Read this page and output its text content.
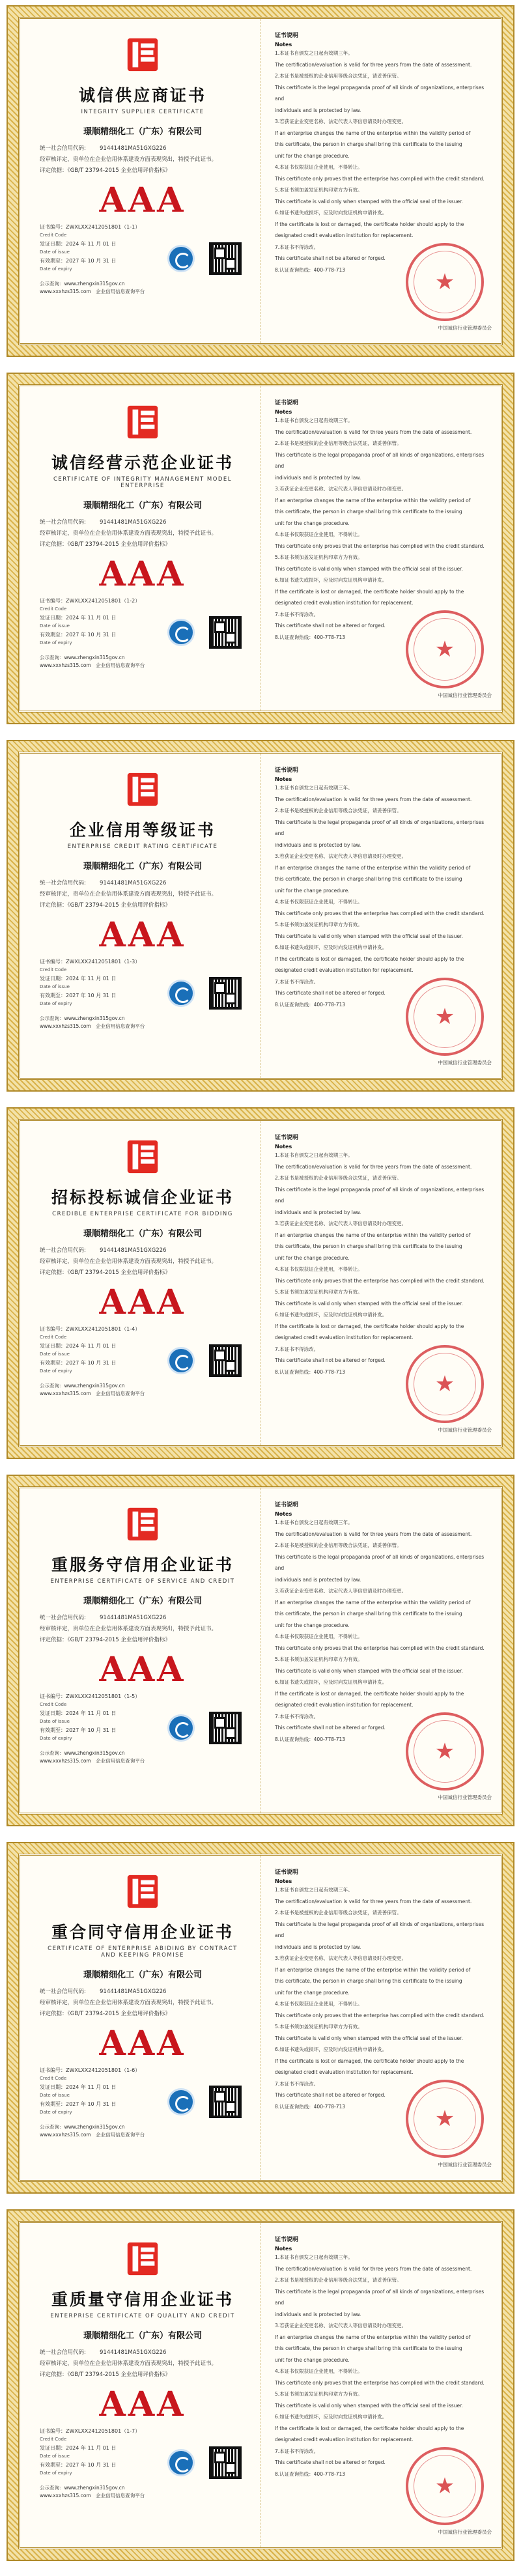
诚信供应商证书
INTEGRITY SUPPLIER CERTIFICATE
璟顺精细化工（广东）有限公司
统一社会信用代码:	91441481MA51GXG226
经审核评定，贵单位在企业信用体系建设方面表现突出，特授予此证书。
评定依据：《GB/T 23794-2015 企业信用评价指标》
AAA
证书编号：ZWXLXX2412051801（1-1）
Credit Code
发证日期：2024 年 11 月 01 日
Date of issue
有效期至：2027 年 10 月 31 日
Date of expiry
公示查询：www.zhengxin315gov.cn
www.xxxhzs315.com　 企业信用信息查询平台
证书说明
Notes
1.本证书自颁发之日起有效期三年。
The certification/evaluation is valid for three years from the date of assessment.
2.本证书是被授权的企业信用等级合法凭证，请妥善保管。
This certificate is the legal propaganda proof of all kinds of organizations, enterprises and
individuals and is protected by law.
3.若获证企业变更名称、法定代表人等信息请及时办理变更。
If an enterprise changes the name of the enterprise within the validity period of
this certificate, the person in charge shall bring this certificate to the issuing
unit for the change procedure.
4.本证书仅限获证企业使用，不得转让。
This certificate only proves that the enterprise has complied with the credit standard.
5.本证书须加盖发证机构印章方为有效。
This certificate is valid only when stamped with the official seal of the issuer.
6.如证书遗失或损坏，应及时向发证机构申请补发。
If the certificate is lost or damaged, the certificate holder should apply to the
designated credit evaluation institution for replacement.
7.本证书不得涂改。
This certificate shall not be altered or forged.
8.认证查询热线：400-778-713	★
中国诚信行业管理委员会
诚信经营示范企业证书
CERTIFICATE OF INTEGRITY MANAGEMENT MODEL ENTERPRISE
璟顺精细化工（广东）有限公司
统一社会信用代码:	91441481MA51GXG226
经审核评定，贵单位在企业信用体系建设方面表现突出，特授予此证书。
评定依据：《GB/T 23794-2015 企业信用评价指标》
AAA
证书编号：ZWXLXX2412051801（1-2）
Credit Code
发证日期：2024 年 11 月 01 日
Date of issue
有效期至：2027 年 10 月 31 日
Date of expiry
公示查询：www.zhengxin315gov.cn
www.xxxhzs315.com　 企业信用信息查询平台
证书说明
Notes
1.本证书自颁发之日起有效期三年。
The certification/evaluation is valid for three years from the date of assessment.
2.本证书是被授权的企业信用等级合法凭证，请妥善保管。
This certificate is the legal propaganda proof of all kinds of organizations, enterprises and
individuals and is protected by law.
3.若获证企业变更名称、法定代表人等信息请及时办理变更。
If an enterprise changes the name of the enterprise within the validity period of
this certificate, the person in charge shall bring this certificate to the issuing
unit for the change procedure.
4.本证书仅限获证企业使用，不得转让。
This certificate only proves that the enterprise has complied with the credit standard.
5.本证书须加盖发证机构印章方为有效。
This certificate is valid only when stamped with the official seal of the issuer.
6.如证书遗失或损坏，应及时向发证机构申请补发。
If the certificate is lost or damaged, the certificate holder should apply to the
designated credit evaluation institution for replacement.
7.本证书不得涂改。
This certificate shall not be altered or forged.
8.认证查询热线：400-778-713	★
中国诚信行业管理委员会
企业信用等级证书
ENTERPRISE CREDIT RATING CERTIFICATE
璟顺精细化工（广东）有限公司
统一社会信用代码:	91441481MA51GXG226
经审核评定，贵单位在企业信用体系建设方面表现突出，特授予此证书。
评定依据：《GB/T 23794-2015 企业信用评价指标》
AAA
证书编号：ZWXLXX2412051801（1-3）
Credit Code
发证日期：2024 年 11 月 01 日
Date of issue
有效期至：2027 年 10 月 31 日
Date of expiry
公示查询：www.zhengxin315gov.cn
www.xxxhzs315.com　 企业信用信息查询平台
证书说明
Notes
1.本证书自颁发之日起有效期三年。
The certification/evaluation is valid for three years from the date of assessment.
2.本证书是被授权的企业信用等级合法凭证，请妥善保管。
This certificate is the legal propaganda proof of all kinds of organizations, enterprises and
individuals and is protected by law.
3.若获证企业变更名称、法定代表人等信息请及时办理变更。
If an enterprise changes the name of the enterprise within the validity period of
this certificate, the person in charge shall bring this certificate to the issuing
unit for the change procedure.
4.本证书仅限获证企业使用，不得转让。
This certificate only proves that the enterprise has complied with the credit standard.
5.本证书须加盖发证机构印章方为有效。
This certificate is valid only when stamped with the official seal of the issuer.
6.如证书遗失或损坏，应及时向发证机构申请补发。
If the certificate is lost or damaged, the certificate holder should apply to the
designated credit evaluation institution for replacement.
7.本证书不得涂改。
This certificate shall not be altered or forged.
8.认证查询热线：400-778-713	★
中国诚信行业管理委员会
招标投标诚信企业证书
CREDIBLE ENTERPRISE CERTIFICATE FOR BIDDING
璟顺精细化工（广东）有限公司
统一社会信用代码:	91441481MA51GXG226
经审核评定，贵单位在企业信用体系建设方面表现突出，特授予此证书。
评定依据：《GB/T 23794-2015 企业信用评价指标》
AAA
证书编号：ZWXLXX2412051801（1-4）
Credit Code
发证日期：2024 年 11 月 01 日
Date of issue
有效期至：2027 年 10 月 31 日
Date of expiry
公示查询：www.zhengxin315gov.cn
www.xxxhzs315.com　 企业信用信息查询平台
证书说明
Notes
1.本证书自颁发之日起有效期三年。
The certification/evaluation is valid for three years from the date of assessment.
2.本证书是被授权的企业信用等级合法凭证，请妥善保管。
This certificate is the legal propaganda proof of all kinds of organizations, enterprises and
individuals and is protected by law.
3.若获证企业变更名称、法定代表人等信息请及时办理变更。
If an enterprise changes the name of the enterprise within the validity period of
this certificate, the person in charge shall bring this certificate to the issuing
unit for the change procedure.
4.本证书仅限获证企业使用，不得转让。
This certificate only proves that the enterprise has complied with the credit standard.
5.本证书须加盖发证机构印章方为有效。
This certificate is valid only when stamped with the official seal of the issuer.
6.如证书遗失或损坏，应及时向发证机构申请补发。
If the certificate is lost or damaged, the certificate holder should apply to the
designated credit evaluation institution for replacement.
7.本证书不得涂改。
This certificate shall not be altered or forged.
8.认证查询热线：400-778-713	★
中国诚信行业管理委员会
重服务守信用企业证书
ENTERPRISE CERTIFICATE OF SERVICE AND CREDIT
璟顺精细化工（广东）有限公司
统一社会信用代码:	91441481MA51GXG226
经审核评定，贵单位在企业信用体系建设方面表现突出，特授予此证书。
评定依据：《GB/T 23794-2015 企业信用评价指标》
AAA
证书编号：ZWXLXX2412051801（1-5）
Credit Code
发证日期：2024 年 11 月 01 日
Date of issue
有效期至：2027 年 10 月 31 日
Date of expiry
公示查询：www.zhengxin315gov.cn
www.xxxhzs315.com　 企业信用信息查询平台
证书说明
Notes
1.本证书自颁发之日起有效期三年。
The certification/evaluation is valid for three years from the date of assessment.
2.本证书是被授权的企业信用等级合法凭证，请妥善保管。
This certificate is the legal propaganda proof of all kinds of organizations, enterprises and
individuals and is protected by law.
3.若获证企业变更名称、法定代表人等信息请及时办理变更。
If an enterprise changes the name of the enterprise within the validity period of
this certificate, the person in charge shall bring this certificate to the issuing
unit for the change procedure.
4.本证书仅限获证企业使用，不得转让。
This certificate only proves that the enterprise has complied with the credit standard.
5.本证书须加盖发证机构印章方为有效。
This certificate is valid only when stamped with the official seal of the issuer.
6.如证书遗失或损坏，应及时向发证机构申请补发。
If the certificate is lost or damaged, the certificate holder should apply to the
designated credit evaluation institution for replacement.
7.本证书不得涂改。
This certificate shall not be altered or forged.
8.认证查询热线：400-778-713	★
中国诚信行业管理委员会
重合同守信用企业证书
CERTIFICATE OF ENTERPRISE ABIDING BY CONTRACT AND KEEPING PROMISE
璟顺精细化工（广东）有限公司
统一社会信用代码:	91441481MA51GXG226
经审核评定，贵单位在企业信用体系建设方面表现突出，特授予此证书。
评定依据：《GB/T 23794-2015 企业信用评价指标》
AAA
证书编号：ZWXLXX2412051801（1-6）
Credit Code
发证日期：2024 年 11 月 01 日
Date of issue
有效期至：2027 年 10 月 31 日
Date of expiry
公示查询：www.zhengxin315gov.cn
www.xxxhzs315.com　 企业信用信息查询平台
证书说明
Notes
1.本证书自颁发之日起有效期三年。
The certification/evaluation is valid for three years from the date of assessment.
2.本证书是被授权的企业信用等级合法凭证，请妥善保管。
This certificate is the legal propaganda proof of all kinds of organizations, enterprises and
individuals and is protected by law.
3.若获证企业变更名称、法定代表人等信息请及时办理变更。
If an enterprise changes the name of the enterprise within the validity period of
this certificate, the person in charge shall bring this certificate to the issuing
unit for the change procedure.
4.本证书仅限获证企业使用，不得转让。
This certificate only proves that the enterprise has complied with the credit standard.
5.本证书须加盖发证机构印章方为有效。
This certificate is valid only when stamped with the official seal of the issuer.
6.如证书遗失或损坏，应及时向发证机构申请补发。
If the certificate is lost or damaged, the certificate holder should apply to the
designated credit evaluation institution for replacement.
7.本证书不得涂改。
This certificate shall not be altered or forged.
8.认证查询热线：400-778-713	★
中国诚信行业管理委员会
重质量守信用企业证书
ENTERPRISE CERTIFICATE OF QUALITY AND CREDIT
璟顺精细化工（广东）有限公司
统一社会信用代码:	91441481MA51GXG226
经审核评定，贵单位在企业信用体系建设方面表现突出，特授予此证书。
评定依据：《GB/T 23794-2015 企业信用评价指标》
AAA
证书编号：ZWXLXX2412051801（1-7）
Credit Code
发证日期：2024 年 11 月 01 日
Date of issue
有效期至：2027 年 10 月 31 日
Date of expiry
公示查询：www.zhengxin315gov.cn
www.xxxhzs315.com　 企业信用信息查询平台
证书说明
Notes
1.本证书自颁发之日起有效期三年。
The certification/evaluation is valid for three years from the date of assessment.
2.本证书是被授权的企业信用等级合法凭证，请妥善保管。
This certificate is the legal propaganda proof of all kinds of organizations, enterprises and
individuals and is protected by law.
3.若获证企业变更名称、法定代表人等信息请及时办理变更。
If an enterprise changes the name of the enterprise within the validity period of
this certificate, the person in charge shall bring this certificate to the issuing
unit for the change procedure.
4.本证书仅限获证企业使用，不得转让。
This certificate only proves that the enterprise has complied with the credit standard.
5.本证书须加盖发证机构印章方为有效。
This certificate is valid only when stamped with the official seal of the issuer.
6.如证书遗失或损坏，应及时向发证机构申请补发。
If the certificate is lost or damaged, the certificate holder should apply to the
designated credit evaluation institution for replacement.
7.本证书不得涂改。
This certificate shall not be altered or forged.
8.认证查询热线：400-778-713	★
中国诚信行业管理委员会
